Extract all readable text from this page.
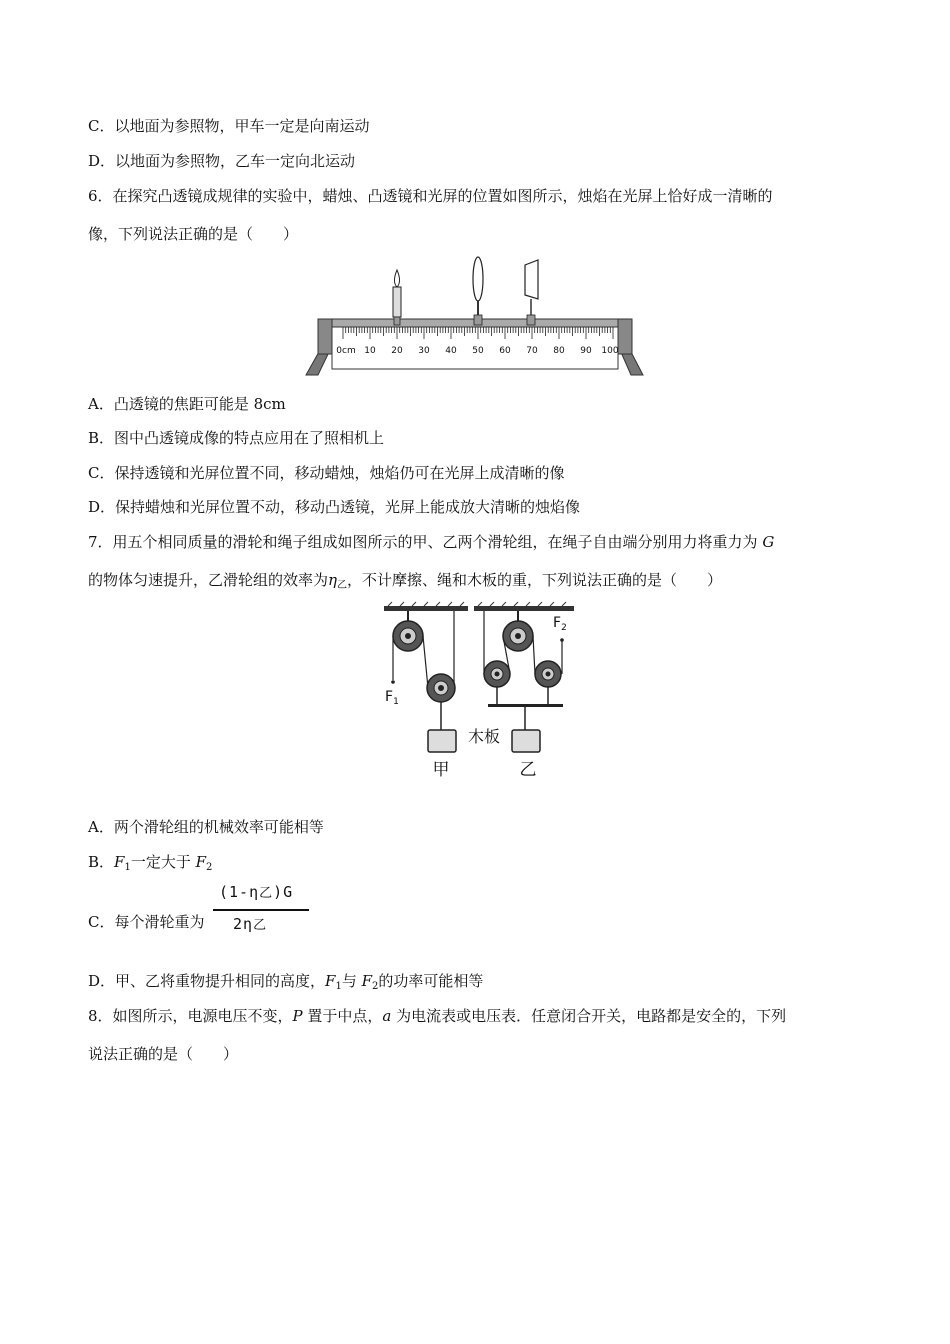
C．以地面为参照物，甲车一定是向南运动
D．以地面为参照物，乙车一定向北运动
6．在探究凸透镜成规律的实验中，蜡烛、凸透镜和光屏的位置如图所示，烛焰在光屏上恰好成一清晰的
像，下列说法正确的是（　　）
0cm 10 20 30 40 50 60 70 80 90 100
A．凸透镜的焦距可能是 8cm
B．图中凸透镜成像的特点应用在了照相机上
C．保持透镜和光屏位置不同，移动蜡烛，烛焰仍可在光屏上成清晰的像
D．保持蜡烛和光屏位置不动，移动凸透镜，光屏上能成放大清晰的烛焰像
7．用五个相同质量的滑轮和绳子组成如图所示的甲、乙两个滑轮组，在绳子自由端分别用力将重力为 G
的物体匀速提升，乙滑轮组的效率为$\eta_乙$，不计摩擦、绳和木板的重，下列说法正确的是（　　）
$F_1$
$F_2$
木板
甲	乙
A．两个滑轮组的机械效率可能相等
B．$F_1$一定大于 $F_2$
C．每个滑轮重为
(1-η乙)G
2η乙
D．甲、乙将重物提升相同的高度，$F_1$与 $F_2$的功率可能相等
8．如图所示，电源电压不变，P 置于中点，a 为电流表或电压表．任意闭合开关，电路都是安全的，下列
说法正确的是（　　）
